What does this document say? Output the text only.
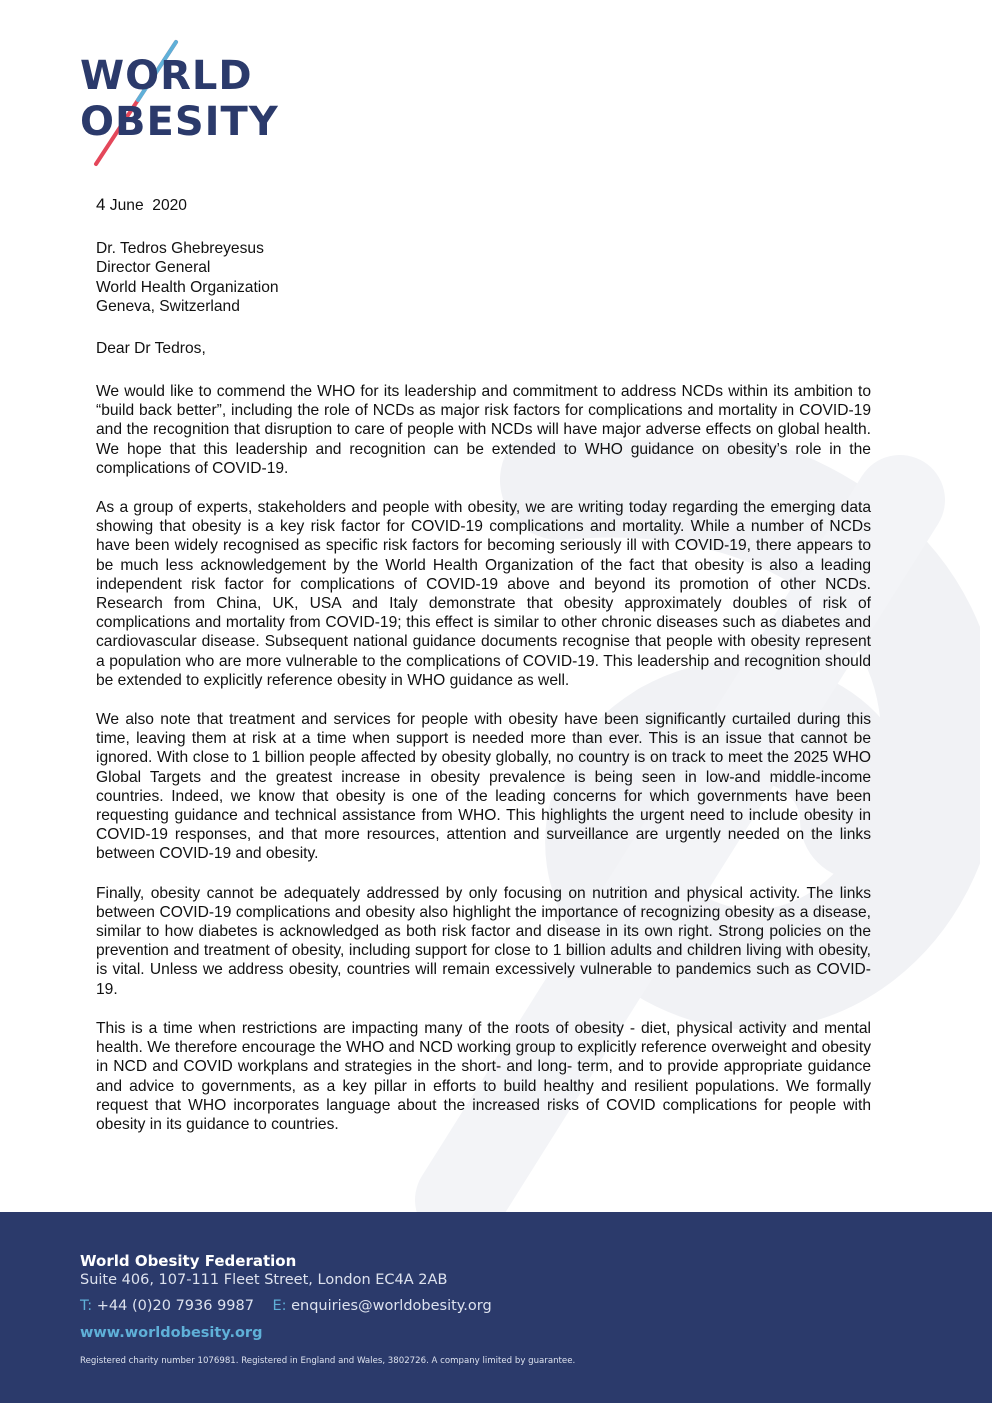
WORLD
OBESITY
4 June  2020
Dr. Tedros Ghebreyesus
Director General
World Health Organization
Geneva, Switzerland
Dear Dr Tedros,

We would like to commend the WHO for its leadership and commitment to address NCDs within its ambition to “build back better”, including the role of NCDs as major risk factors for complications and mortality in COVID-19 and the recognition that disruption to care of people with NCDs will have major adverse effects on global health. We hope that this leadership and recognition can be extended to WHO guidance on obesity’s role in the complications of COVID-19.

As a group of experts, stakeholders and people with obesity, we are writing today regarding the emerging data showing that obesity is a key risk factor for COVID-19 complications and mortality. While a number of NCDs have been widely recognised as specific risk factors for becoming seriously ill with COVID-19, there appears to be much less acknowledgement by the World Health Organization of the fact that obesity is also a leading independent risk factor for complications of COVID-19 above and beyond its promotion of other NCDs. Research from China, UK, USA and Italy demonstrate that obesity approximately doubles of risk of complications and mortality from COVID-19; this effect is similar to other chronic diseases such as diabetes and cardiovascular disease. Subsequent national guidance documents recognise that people with obesity represent a population who are more vulnerable to the complications of COVID-19. This leadership and recognition should be extended to explicitly reference obesity in WHO guidance as well.

We also note that treatment and services for people with obesity have been significantly curtailed during this time, leaving them at risk at a time when support is needed more than ever. This is an issue that cannot be ignored. With close to 1 billion people affected by obesity globally, no country is on track to meet the 2025 WHO Global Targets and the greatest increase in obesity prevalence is being seen in low-and middle-income countries. Indeed, we know that obesity is one of the leading concerns for which governments have been requesting guidance and technical assistance from WHO. This highlights the urgent need to include obesity in COVID-19 responses, and that more resources, attention and surveillance are urgently needed on the links between COVID-19 and obesity.

Finally, obesity cannot be adequately addressed by only focusing on nutrition and physical activity. The links between COVID-19 complications and obesity also highlight the importance of recognizing obesity as a disease, similar to how diabetes is acknowledged as both risk factor and disease in its own right. Strong policies on the prevention and treatment of obesity, including support for close to 1 billion adults and children living with obesity, is vital. Unless we address obesity, countries will remain excessively vulnerable to pandemics such as COVID-19.

This is a time when restrictions are impacting many of the roots of obesity - diet, physical activity and mental health. We therefore encourage the WHO and NCD working group to explicitly reference overweight and obesity in NCD and COVID workplans and strategies in the short- and long- term, and to provide appropriate guidance and advice to governments, as a key pillar in efforts to build healthy and resilient populations. We formally request that WHO incorporates language about the increased risks of COVID complications for people with obesity in its guidance to countries.

World Obesity Federation
Suite 406, 107-111 Fleet Street, London EC4A 2AB
T: +44 (0)20 7936 9987 E: enquiries@worldobesity.org
www.worldobesity.org
Registered charity number 1076981. Registered in England and Wales, 3802726. A company limited by guarantee.
